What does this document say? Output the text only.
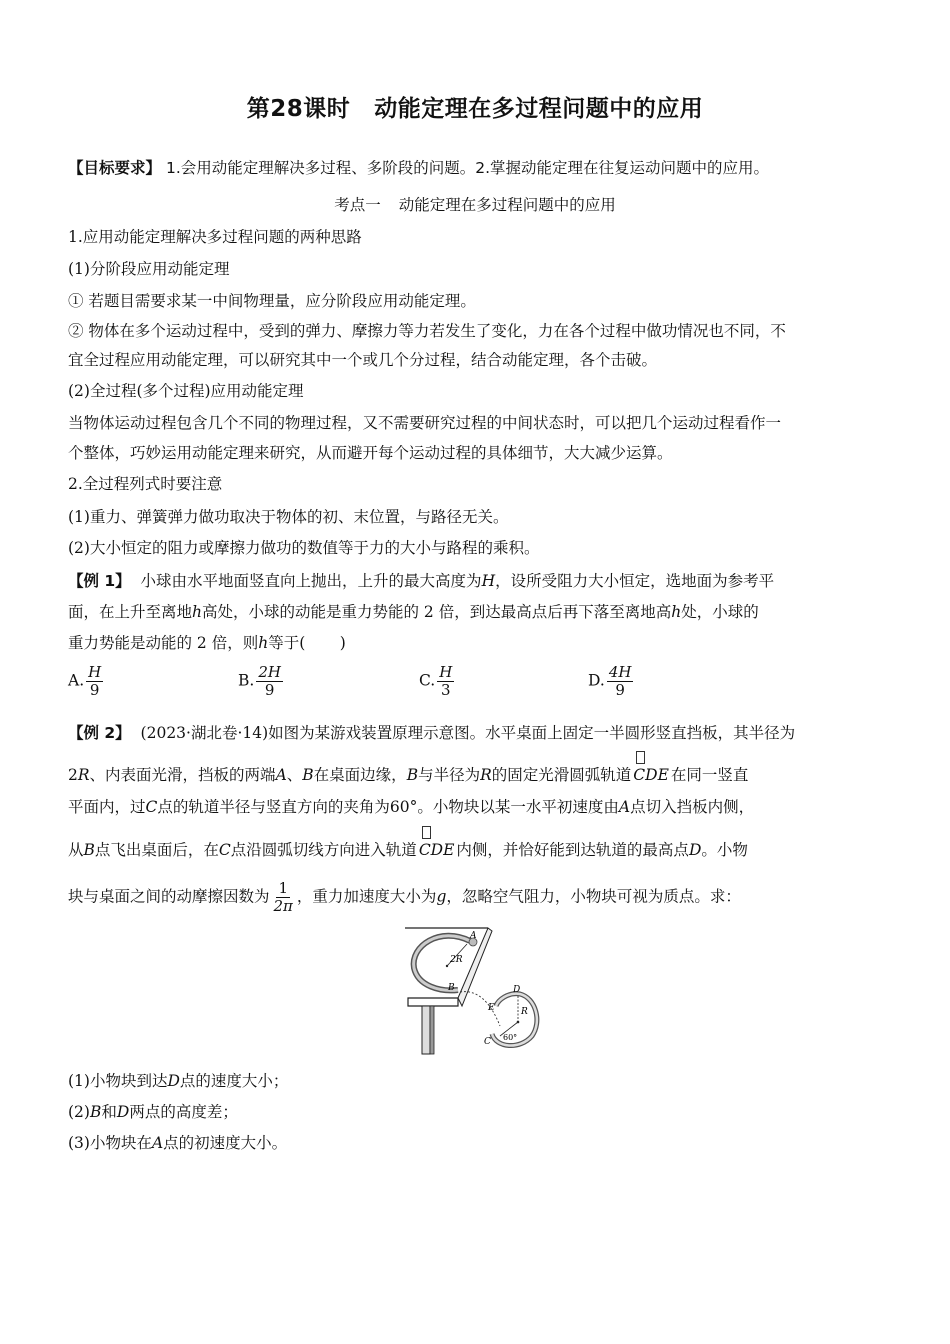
第28课时 动能定理在多过程问题中的应用
【目标要求】 1.会用动能定理解决多过程、多阶段的问题。2.掌握动能定理在往复运动问题中的应用。
考点一 动能定理在多过程问题中的应用
1.应用动能定理解决多过程问题的两种思路
(1)分阶段应用动能定理
① 若题目需要求某一中间物理量，应分阶段应用动能定理。
② 物体在多个运动过程中，受到的弹力、摩擦力等力若发生了变化，力在各个过程中做功情况也不同，不
宜全过程应用动能定理，可以研究其中一个或几个分过程，结合动能定理，各个击破。
(2)全过程(多个过程)应用动能定理
当物体运动过程包含几个不同的物理过程，又不需要研究过程的中间状态时，可以把几个运动过程看作一
个整体，巧妙运用动能定理来研究，从而避开每个运动过程的具体细节，大大减少运算。
2.全过程列式时要注意
(1)重力、弹簧弹力做功取决于物体的初、末位置，与路径无关。
(2)大小恒定的阻力或摩擦力做功的数值等于力的大小与路程的乘积。
【例 1】 小球由水平地面竖直向上抛出，上升的最大高度为H，设所受阻力大小恒定，选地面为参考平
面，在上升至离地h高处，小球的动能是重力势能的 2 倍，到达最高点后再下落至离地高h处，小球的
重力势能是动能的 2 倍，则h等于( )
A. $\frac{H}{9}$	B. $\frac{2H}{9}$	C. $\frac{H}{3}$	D. $\frac{4H}{9}$
【例 2】 (2023·湖北卷·14)如图为某游戏装置原理示意图。水平桌面上固定一半圆形竖直挡板，其半径为
2R、内表面光滑，挡板的两端A、B在桌面边缘，B与半径为R的固定光滑圆弧轨道 CDE 在同一竖直
平面内，过C点的轨道半径与竖直方向的夹角为60°。小物块以某一水平初速度由A点切入挡板内侧，
从B点飞出桌面后，在C点沿圆弧切线方向进入轨道 CDE 内侧，并恰好能到达轨道的最高点D。小物
块与桌面之间的动摩擦因数为 $\frac{1}{2\pi}$ ，重力加速度大小为g，忽略空气阻力，小物块可视为质点。求：
A
2R
B
E
D
R
C 60°
(1)小物块到达D点的速度大小；
(2)B和D两点的高度差；
(3)小物块在A点的初速度大小。
